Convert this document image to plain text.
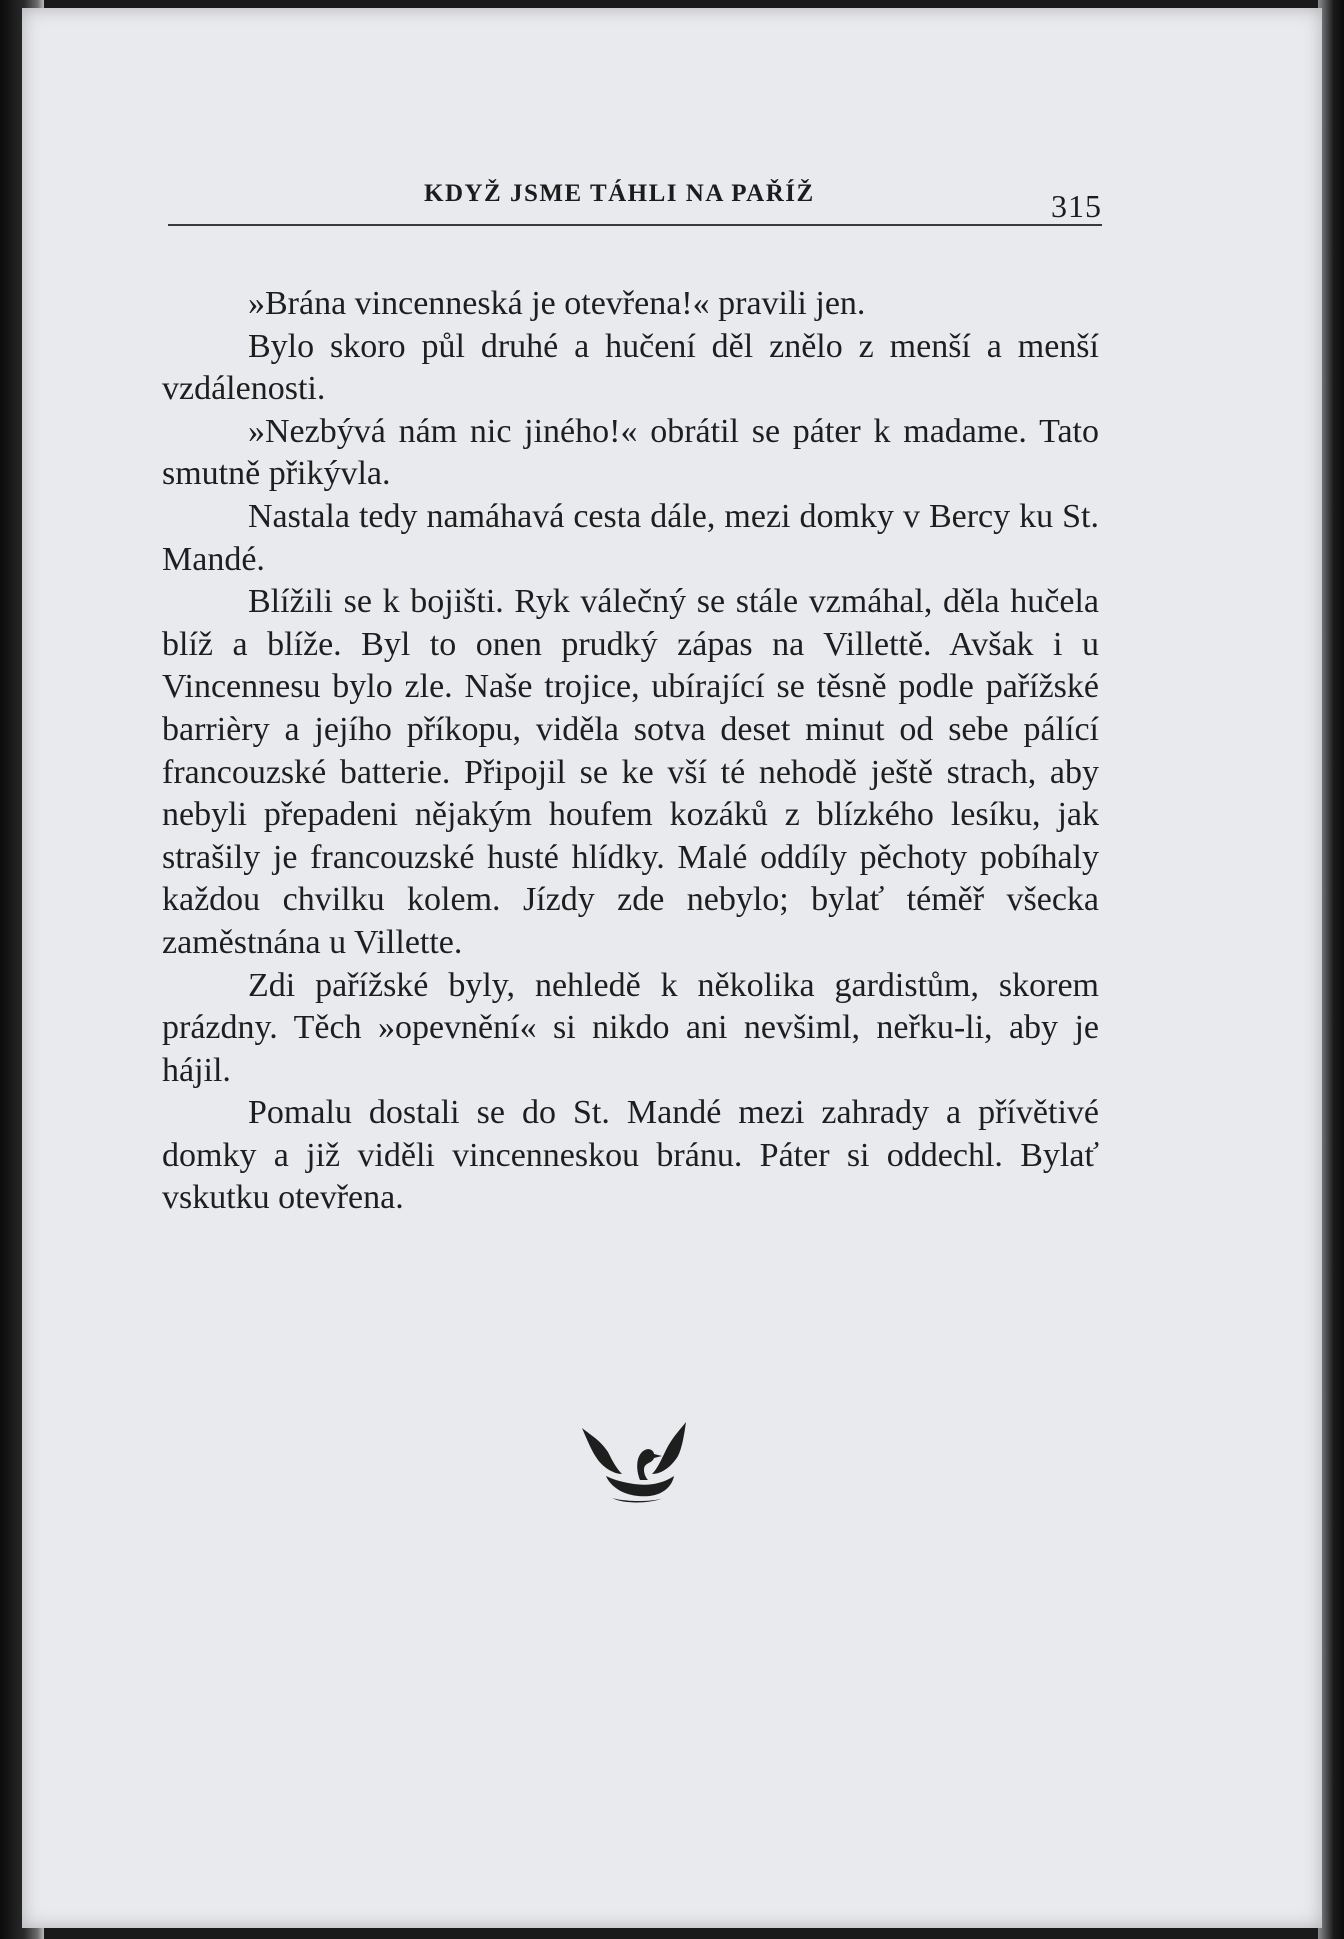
KDYŽ JSME TÁHLI NA PAŘÍŽ	315

»Brána vincenneská je otevřena!« pravili jen.

Bylo skoro půl druhé a hučení děl znělo z menší a menší vzdálenosti.

»Nezbývá nám nic jiného!« obrátil se páter k madame. Tato smutně přikývla.

Nastala tedy namáhavá cesta dále, mezi domky v Bercy ku St. Mandé.

Blížili se k bojišti. Ryk válečný se stále vzmáhal, děla hučela blíž a blíže. Byl to onen prudký zápas na Villettě. Avšak i u Vincennesu bylo zle. Naše trojice, ubírající se těsně podle pařížské barrièry a jejího příkopu, viděla sotva deset minut od sebe pálící francouzské batterie. Připojil se ke vší té nehodě ještě strach, aby nebyli přepadeni nějakým houfem kozáků z blízkého lesíku, jak strašily je francouzské husté hlídky. Malé oddíly pěchoty pobíhaly každou chvilku kolem. Jízdy zde nebylo; bylať téměř všecka zaměstnána u Villette.

Zdi pařížské byly, nehledě k několika gardistům, skorem prázdny. Těch »opevnění« si nikdo ani nevšiml, neřku-li, aby je hájil.

Pomalu dostali se do St. Mandé mezi zahrady a přívětivé domky a již viděli vincenneskou bránu. Páter si oddechl. Bylať vskutku otevřena.
